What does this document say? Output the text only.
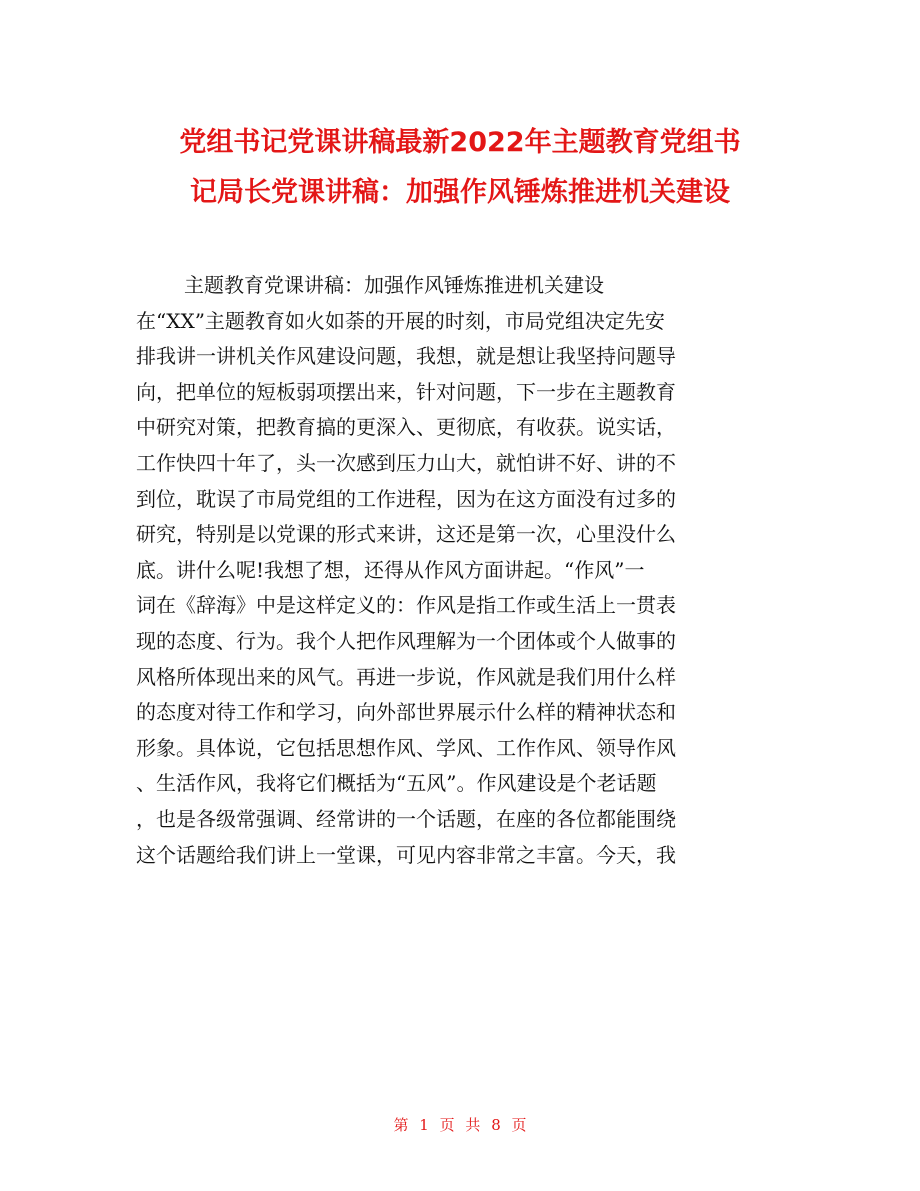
党组书记党课讲稿最新2022年主题教育党组书
记局长党课讲稿：加强作风锤炼推进机关建设
主题教育党课讲稿：加强作风锤炼推进机关建设
在“XX”主题教育如火如荼的开展的时刻，市局党组决定先安
排我讲一讲机关作风建设问题，我想，就是想让我坚持问题导
向，把单位的短板弱项摆出来，针对问题，下一步在主题教育
中研究对策，把教育搞的更深入、更彻底，有收获。说实话，
工作快四十年了，头一次感到压力山大，就怕讲不好、讲的不
到位，耽误了市局党组的工作进程，因为在这方面没有过多的
研究，特别是以党课的形式来讲，这还是第一次，心里没什么
底。讲什么呢!我想了想，还得从作风方面讲起。“作风”一
词在《辞海》中是这样定义的：作风是指工作或生活上一贯表
现的态度、行为。我个人把作风理解为一个团体或个人做事的
风格所体现出来的风气。再进一步说，作风就是我们用什么样
的态度对待工作和学习，向外部世界展示什么样的精神状态和
形象。具体说，它包括思想作风、学风、工作作风、领导作风
、生活作风，我将它们概括为“五风”。作风建设是个老话题
，也是各级常强调、经常讲的一个话题，在座的各位都能围绕
这个话题给我们讲上一堂课，可见内容非常之丰富。今天，我
第 1 页 共 8 页
